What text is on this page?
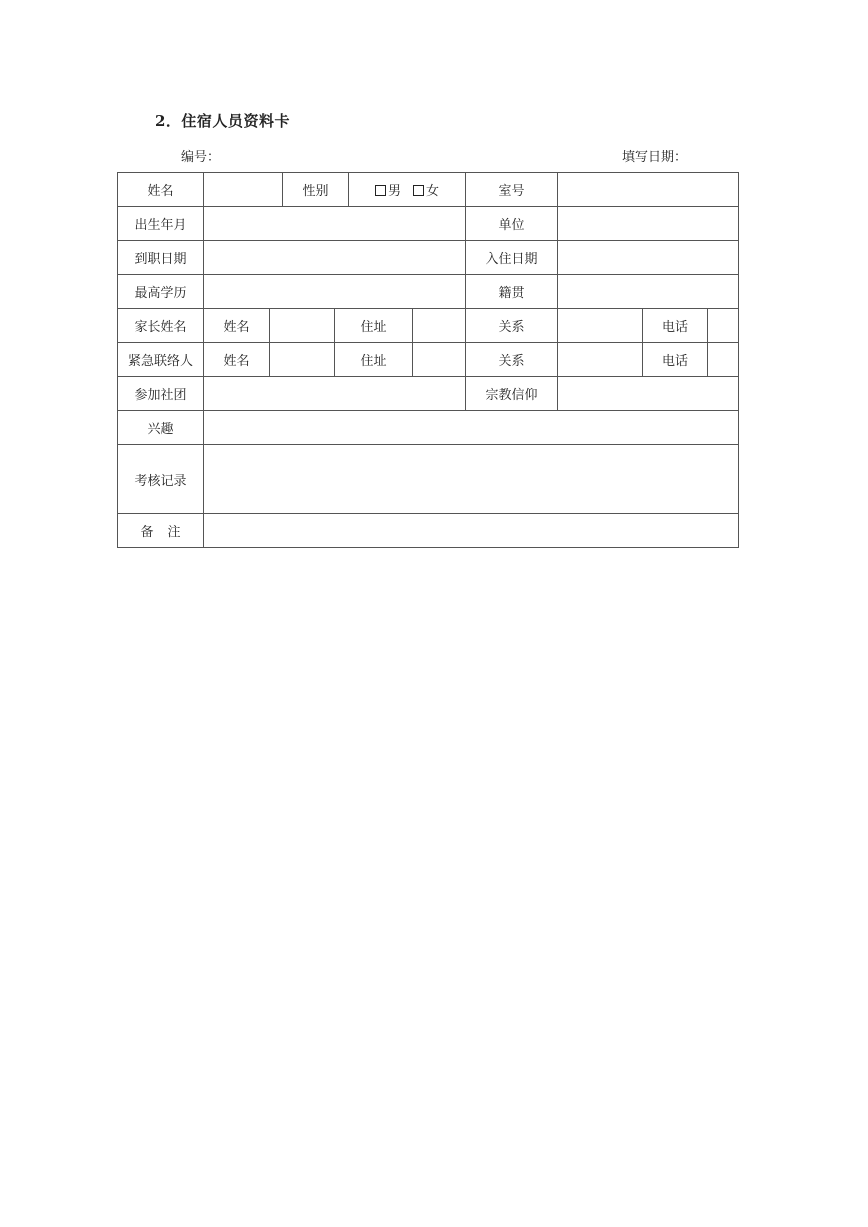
2．住宿人员资料卡
编号：	填写日期：
姓名			性别		男 女		室号			
出生年月							单位			
到职日期							入住日期			
最高学历							籍贯			
家长姓名	姓名			住址			关系		电话	
紧急联络人	姓名			住址			关系		电话	
参加社团							宗教信仰			
兴趣										
考核记录										
备注										
